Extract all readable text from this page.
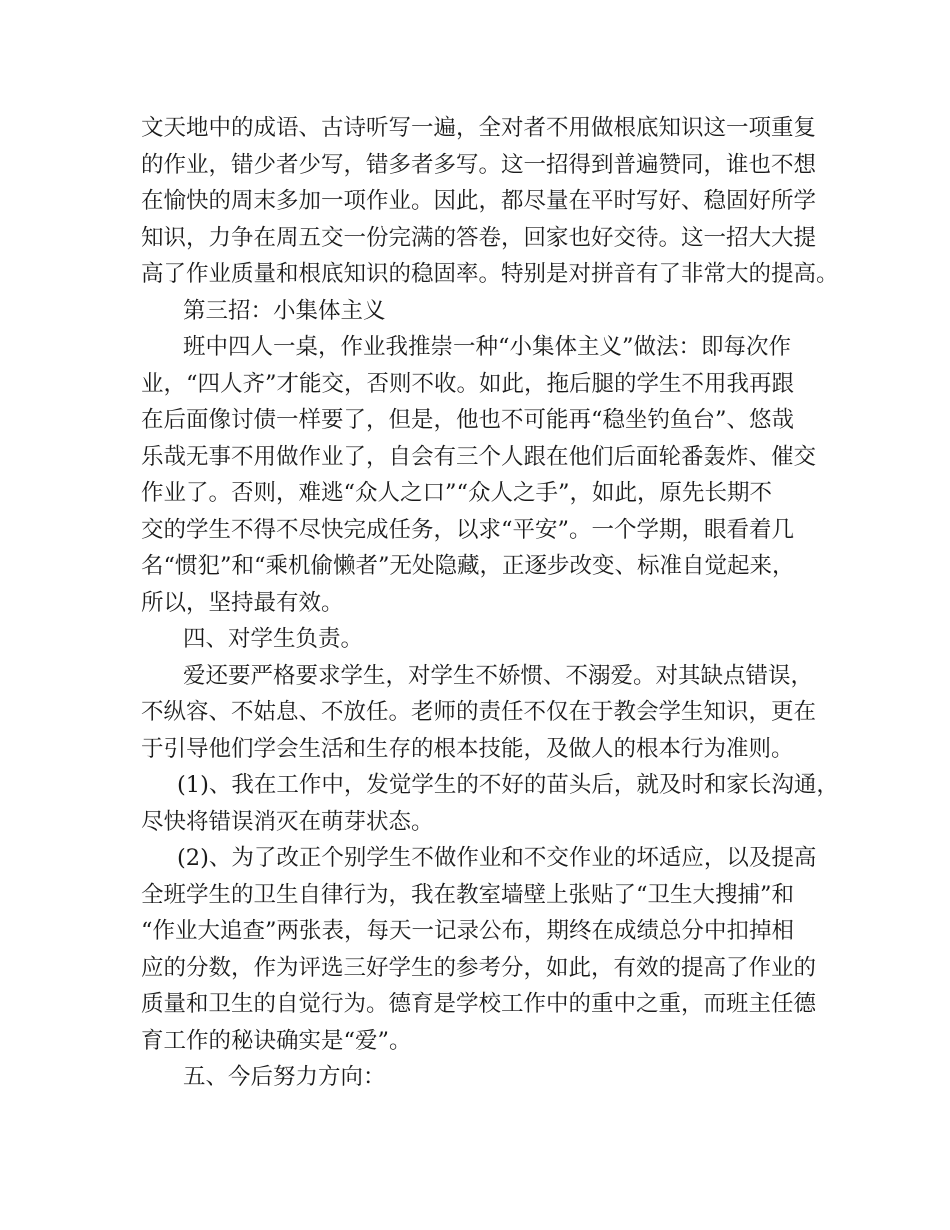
文天地中的成语、古诗听写一遍，全对者不用做根底知识这一项重复
的作业，错少者少写，错多者多写。这一招得到普遍赞同，谁也不想
在愉快的周末多加一项作业。因此，都尽量在平时写好、稳固好所学
知识，力争在周五交一份完满的答卷，回家也好交待。这一招大大提
高了作业质量和根底知识的稳固率。特别是对拼音有了非常大的提高。
第三招：小集体主义
班中四人一桌，作业我推崇一种“小集体主义”做法：即每次作
业，“四人齐”才能交，否则不收。如此，拖后腿的学生不用我再跟
在后面像讨债一样要了，但是，他也不可能再“稳坐钓鱼台”、悠哉
乐哉无事不用做作业了，自会有三个人跟在他们后面轮番轰炸、催交
作业了。否则，难逃“众人之口”“众人之手”，如此，原先长期不
交的学生不得不尽快完成任务，以求“平安”。一个学期，眼看着几
名“惯犯”和“乘机偷懒者”无处隐藏，正逐步改变、标准自觉起来，
所以，坚持最有效。
四、对学生负责。
爱还要严格要求学生，对学生不娇惯、不溺爱。对其缺点错误，
不纵容、不姑息、不放任。老师的责任不仅在于教会学生知识，更在
于引导他们学会生活和生存的根本技能，及做人的根本行为准则。
(1)、我在工作中，发觉学生的不好的苗头后，就及时和家长沟通，
尽快将错误消灭在萌芽状态。
(2)、为了改正个别学生不做作业和不交作业的坏适应，以及提高
全班学生的卫生自律行为，我在教室墙壁上张贴了“卫生大搜捕”和
“作业大追查”两张表，每天一记录公布，期终在成绩总分中扣掉相
应的分数，作为评选三好学生的参考分，如此，有效的提高了作业的
质量和卫生的自觉行为。德育是学校工作中的重中之重，而班主任德
育工作的秘诀确实是“爱”。
五、今后努力方向：
